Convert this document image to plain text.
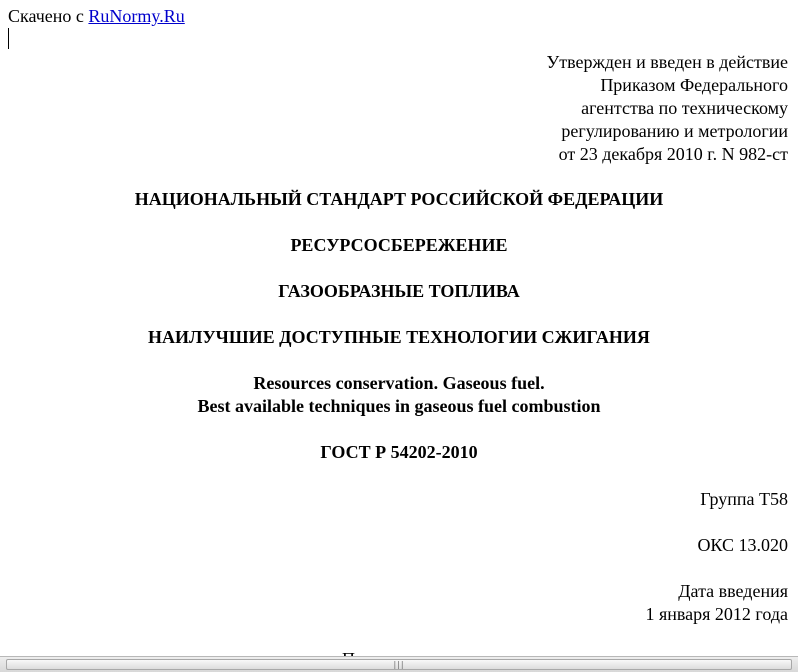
Скачено с RuNormy.Ru
Утвержден и введен в действие
Приказом Федерального
агентства по техническому
регулированию и метрологии
от 23 декабря 2010 г. N 982-ст
НАЦИОНАЛЬНЫЙ СТАНДАРТ РОССИЙСКОЙ ФЕДЕРАЦИИ
РЕСУРСОСБЕРЕЖЕНИЕ
ГАЗООБРАЗНЫЕ ТОПЛИВА
НАИЛУЧШИЕ ДОСТУПНЫЕ ТЕХНОЛОГИИ СЖИГАНИЯ
Resources conservation. Gaseous fuel.
Best available techniques in gaseous fuel combustion
ГОСТ Р 54202-2010
Группа Т58
ОКС 13.020
Дата введения
1 января 2012 года
|||
